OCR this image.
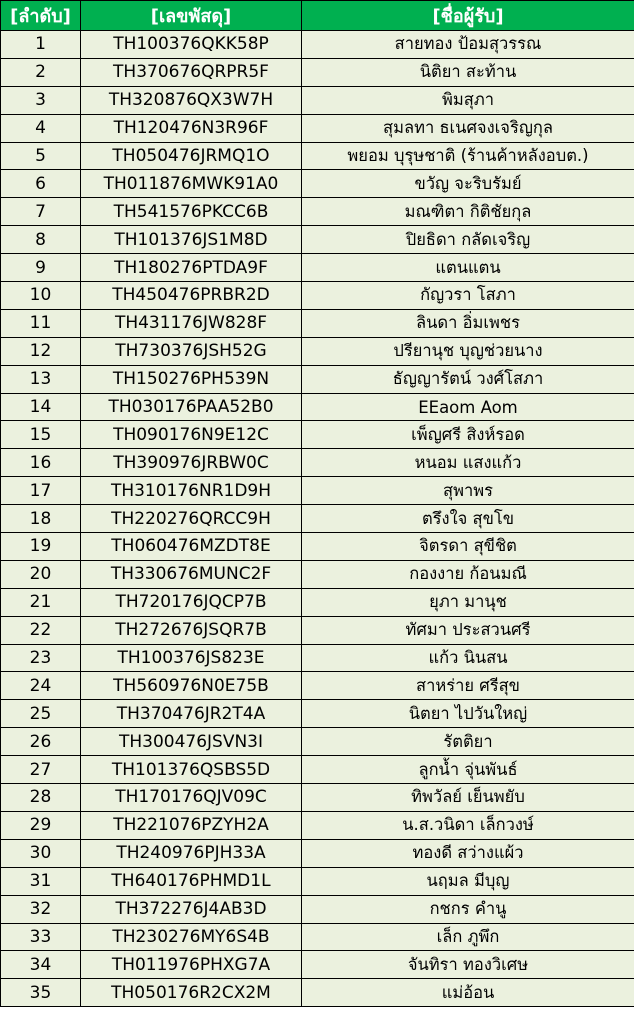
[ลำดับ]	[เลขพัสดุ]	[ชื่อผู้รับ]
1	TH100376QKK58P	สายทอง ป้อมสุวรรณ
2	TH370676QRPR5F	นิติยา สะท้าน
3	TH320876QX3W7H	พิมสุภา
4	TH120476N3R96F	สุมลทา ธเนศจงเจริญกุล
5	TH050476JRMQ1O	พยอม บุรุษชาติ (ร้านค้าหลังอบต.)
6	TH011876MWK91A0	ขวัญ จะริบรัมย์
7	TH541576PKCC6B	มณฑิตา กิติชัยกุล
8	TH101376JS1M8D	ปิยธิดา กลัดเจริญ
9	TH180276PTDA9F	แตนแตน
10	TH450476PRBR2D	กัญวรา โสภา
11	TH431176JW828F	ลินดา อิ่มเพชร
12	TH730376JSH52G	ปรียานุช บุญช่วยนาง
13	TH150276PH539N	ธัญญารัตน์ วงศ์โสภา
14	TH030176PAA52B0	EEaom Aom
15	TH090176N9E12C	เพ็ญศรี สิงห์รอด
16	TH390976JRBW0C	หนอม แสงแก้ว
17	TH310176NR1D9H	สุพาพร
18	TH220276QRCC9H	ตรึงใจ สุขโข
19	TH060476MZDT8E	จิตรดา สุขีชิต
20	TH330676MUNC2F	กองงาย ก้อนมณี
21	TH720176JQCP7B	ยุภา มานุช
22	TH272676JSQR7B	ทัศมา ประสวนศรี
23	TH100376JS823E	แก้ว นินสน
24	TH560976N0E75B	สาหร่าย ศรีสุข
25	TH370476JR2T4A	นิตยา ไปวันใหญ่
26	TH300476JSVN3I	รัตติยา
27	TH101376QSBS5D	ลูกน้ำ จุ่นพันธ์
28	TH170176QJV09C	ทิพวัลย์ เย็นพยับ
29	TH221076PZYH2A	น.ส.วนิดา เล็กวงษ์
30	TH240976PJH33A	ทองดี สว่างแผ้ว
31	TH640176PHMD1L	นฤมล มีบุญ
32	TH372276J4AB3D	กชกร คำนู
33	TH230276MY6S4B	เล็ก ภูพึก
34	TH011976PHXG7A	จันทิรา ทองวิเศษ
35	TH050176R2CX2M	แม่อ้อน
